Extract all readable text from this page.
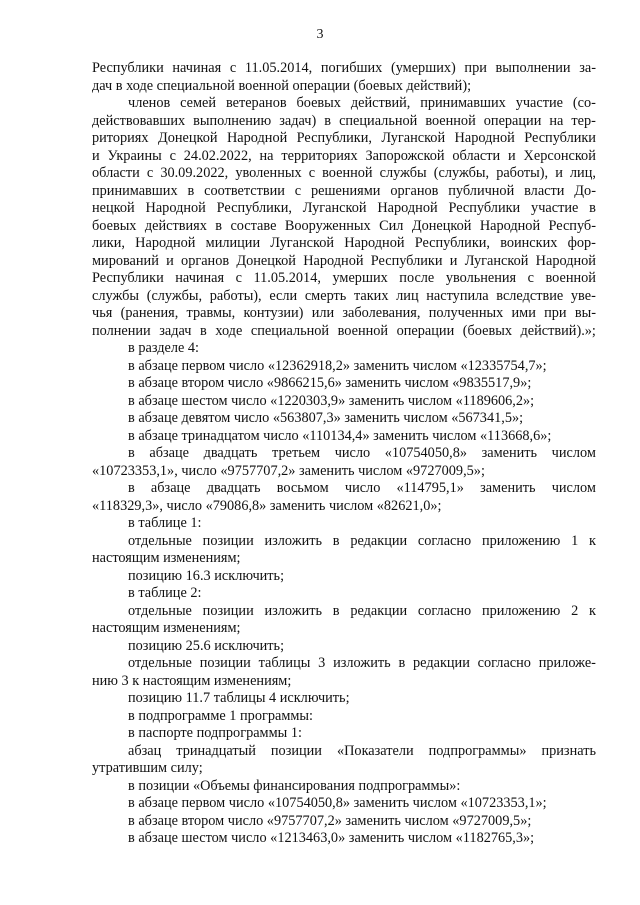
3
Республики начиная с 11.05.2014, погибших (умерших) при выполнении за-
дач в ходе специальной военной операции (боевых действий);
членов семей ветеранов боевых действий, принимавших участие (со-
действовавших выполнению задач) в специальной военной операции на тер-
риториях Донецкой Народной Республики, Луганской Народной Республики
и Украины с 24.02.2022, на территориях Запорожской области и Херсонской
области с 30.09.2022, уволенных с военной службы (службы, работы), и лиц,
принимавших в соответствии с решениями органов публичной власти До-
нецкой Народной Республики, Луганской Народной Республики участие в
боевых действиях в составе Вооруженных Сил Донецкой Народной Респуб-
лики, Народной милиции Луганской Народной Республики, воинских фор-
мирований и органов Донецкой Народной Республики и Луганской Народной
Республики начиная с 11.05.2014, умерших после увольнения с военной
службы (службы, работы), если смерть таких лиц наступила вследствие увe-
чья (ранения, травмы, контузии) или заболевания, полученных ими при вы-
полнении задач в ходе специальной военной операции (боевых действий).»;
в разделе 4:
в абзаце первом число «12362918,2» заменить числом «12335754,7»;
в абзаце втором число «9866215,6» заменить числом «9835517,9»;
в абзаце шестом число «1220303,9» заменить числом «1189606,2»;
в абзаце девятом число «563807,3» заменить числом «567341,5»;
в абзаце тринадцатом число «110134,4» заменить числом «113668,6»;
в абзаце двадцать третьем число «10754050,8» заменить числом
«10723353,1», число «9757707,2» заменить числом «9727009,5»;
в абзаце двадцать восьмом число «114795,1» заменить числом
«118329,3», число «79086,8» заменить числом «82621,0»;
в таблице 1:
отдельные позиции изложить в редакции согласно приложению 1 к
настоящим изменениям;
позицию 16.3 исключить;
в таблице 2:
отдельные позиции изложить в редакции согласно приложению 2 к
настоящим изменениям;
позицию 25.6 исключить;
отдельные позиции таблицы 3 изложить в редакции согласно приложе-
нию 3 к настоящим изменениям;
позицию 11.7 таблицы 4 исключить;
в подпрограмме 1 программы:
в паспорте подпрограммы 1:
абзац тринадцатый позиции «Показатели подпрограммы» признать
утратившим силу;
в позиции «Объемы финансирования подпрограммы»:
в абзаце первом число «10754050,8» заменить числом «10723353,1»;
в абзаце втором число «9757707,2» заменить числом «9727009,5»;
в абзаце шестом число «1213463,0» заменить числом «1182765,3»;
